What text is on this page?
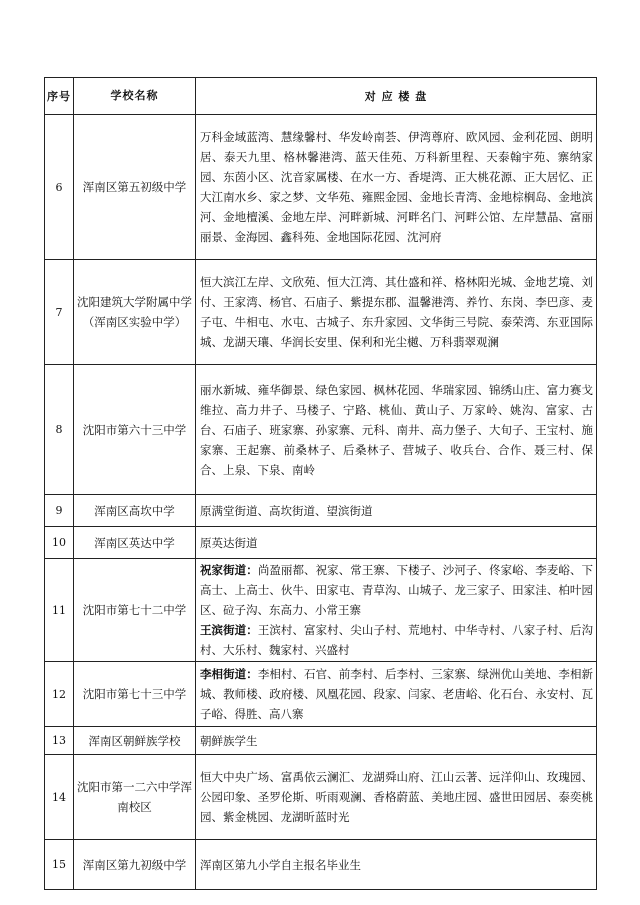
序号	学校名称	对 应 楼 盘
6	浑南区第五初级中学	万科金域蓝湾、慧缘馨村、华发岭南荟、伊湾尊府、欧风园、金利花园、朗明居、泰天九里、格林馨港湾、蓝天佳苑、万科新里程、天泰翰宇苑、寨纳家园、东茵小区、沈音家属楼、在水一方、香堤湾、正大桃花源、正大居忆、正大江南水乡、家之梦、文华苑、雍熙金园、金地长青湾、金地棕榈岛、金地滨河、金地檀溪、金地左岸、河畔新城、河畔名门、河畔公馆、左岸慧晶、富丽丽景、金海园、鑫科苑、金地国际花园、沈河府
7	沈阳建筑大学附属中学（浑南区实验中学）	恒大滨江左岸、文欣苑、恒大江湾、其仕盛和祥、格林阳光城、金地艺境、刘付、王家湾、杨官、石庙子、紫提东郡、温馨港湾、养竹、东岗、李巴彦、麦子屯、牛相屯、水屯、古城子、东升家园、文华街三号院、泰荣湾、东亚国际城、龙湖天瓖、华润长安里、保利和光尘樾、万科翡翠观澜
8	沈阳市第六十三中学	丽水新城、雍华御景、绿色家园、枫林花园、华瑞家园、锦绣山庄、富力赛戈维拉、高力井子、马楼子、宁路、桃仙、黄山子、万家岭、姚沟、富家、古台、石庙子、班家寨、孙家寨、元科、南井、高力堡子、大旬子、王宝村、施家寨、王起寨、前桑林子、后桑林子、营城子、收兵台、合作、聂三村、保合、上泉、下泉、南岭
9	浑南区高坎中学	原满堂街道、高坎街道、望滨街道
10	浑南区英达中学	原英达街道
11	沈阳市第七十二中学	祝家街道：尚盈丽都、祝家、常王寨、下楼子、沙河子、佟家峪、李麦峪、下高士、上高士、伙牛、田家屯、青草沟、山城子、龙三家子、田家洼、柏叶园区、砬子沟、东高力、小常王寨
王滨街道：王滨村、富家村、尖山子村、荒地村、中华寺村、八家子村、后沟村、大乐村、魏家村、兴盛村
12	沈阳市第七十三中学	李相街道：李相村、石官、前李村、后李村、三家寨、绿洲优山美地、李相新城、教师楼、政府楼、风凰花园、段家、闫家、老唐峪、化石台、永安村、瓦子峪、得胜、高八寨
13	浑南区朝鲜族学校	朝鲜族学生
14	沈阳市第一二六中学浑南校区	恒大中央广场、富禹依云澜汇、龙湖舜山府、江山云著、远洋仰山、玫瑰园、公园印象、圣罗伦斯、听雨观澜、香格蔚蓝、美地庄园、盛世田园居、泰奕桃园、紫金桃园、龙湖昕蓝时光
15	浑南区第九初级中学	浑南区第九小学自主报名毕业生
